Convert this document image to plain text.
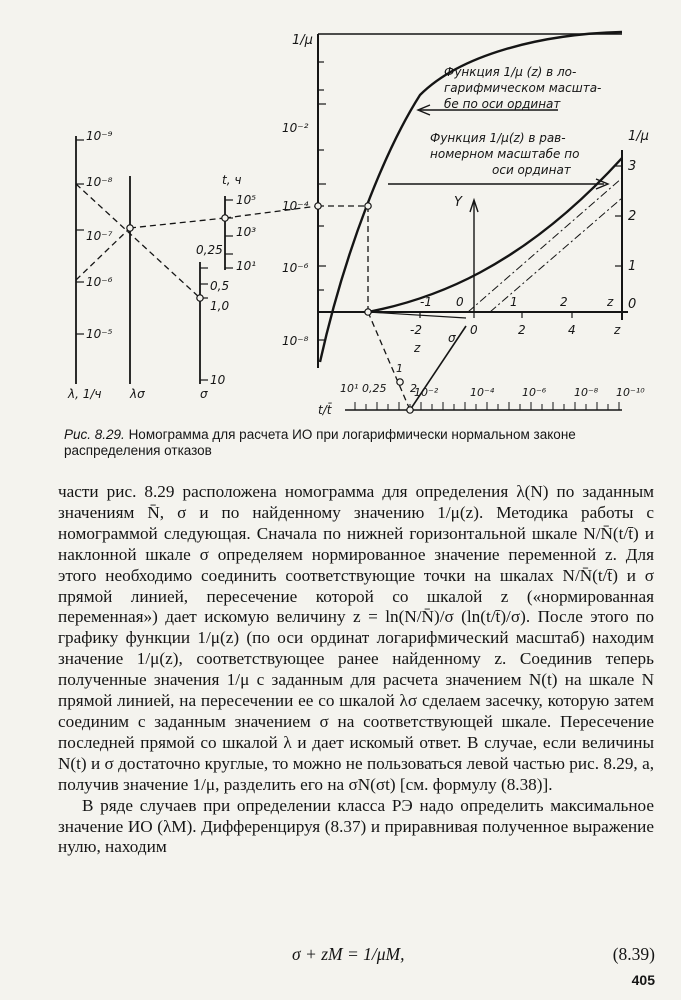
1/μ
1/μ
Функция 1/μ (z) в ло-
гарифмическом масшта-
бе по оси ординат
Функция 1/μ(z) в рав-
номерном масштабе по
оси ординат
Y
10⁻²
10⁻⁴
10⁻⁶
10⁻⁸
3
2
1
0
-1 0	1	2	z
-2	0	2	4	z
σ
z
1
2
10¹ 0,25	10⁻²	10⁻⁴	10⁻⁶	10⁻⁸ 10⁻¹⁰
t/t̄
10⁻⁹
10⁻⁸
10⁻⁷
10⁻⁶
10⁻⁵
λ, 1/ч λσ
t, ч
10⁵
10³
10¹
0,25
0,5
1,0
10
σ
Рис. 8.29. Номограмма для расчета ИО при логарифмически нормальном законе распределения отказов

части рис. 8.29 расположена номограмма для определения λ(N) по заданным значениям N̄, σ и по найденному значению 1/μ(z). Методика работы с номограммой следующая. Сначала по нижней горизонтальной шкале N/N̄(t/t̄) и наклонной шкале σ определяем нормированное значение переменной z. Для этого необходимо соединить соответствующие точки на шкалах N/N̄(t/t̄) и σ прямой линией, пересечение которой со шкалой z («нормированная переменная») дает искомую величину z = ln(N/N̄)/σ (ln(t/t̄)/σ). После этого по графику функции 1/μ(z) (по оси ординат логарифмический масштаб) находим значение 1/μ(z), соответствующее ранее найденному z. Соединив теперь полученные значения 1/μ с заданным для расчета значением N(t) на шкале N прямой линией, на пересечении ее со шкалой λσ сделаем засечку, которую затем соединим с заданным значением σ на соответствующей шкале. Пересечение последней прямой со шкалой λ и дает искомый ответ. В случае, если величины N(t) и σ достаточно круглые, то можно не пользоваться левой частью рис. 8.29, а, получив значение 1/μ, разделить его на σN(σt) [см. формулу (8.38)].

В ряде случаев при определении класса РЭ надо определить максимальное значение ИО (λM). Дифференцируя (8.37) и приравнивая полученное выражение нулю, находим

σ + zM = 1/μM,	(8.39)
405
